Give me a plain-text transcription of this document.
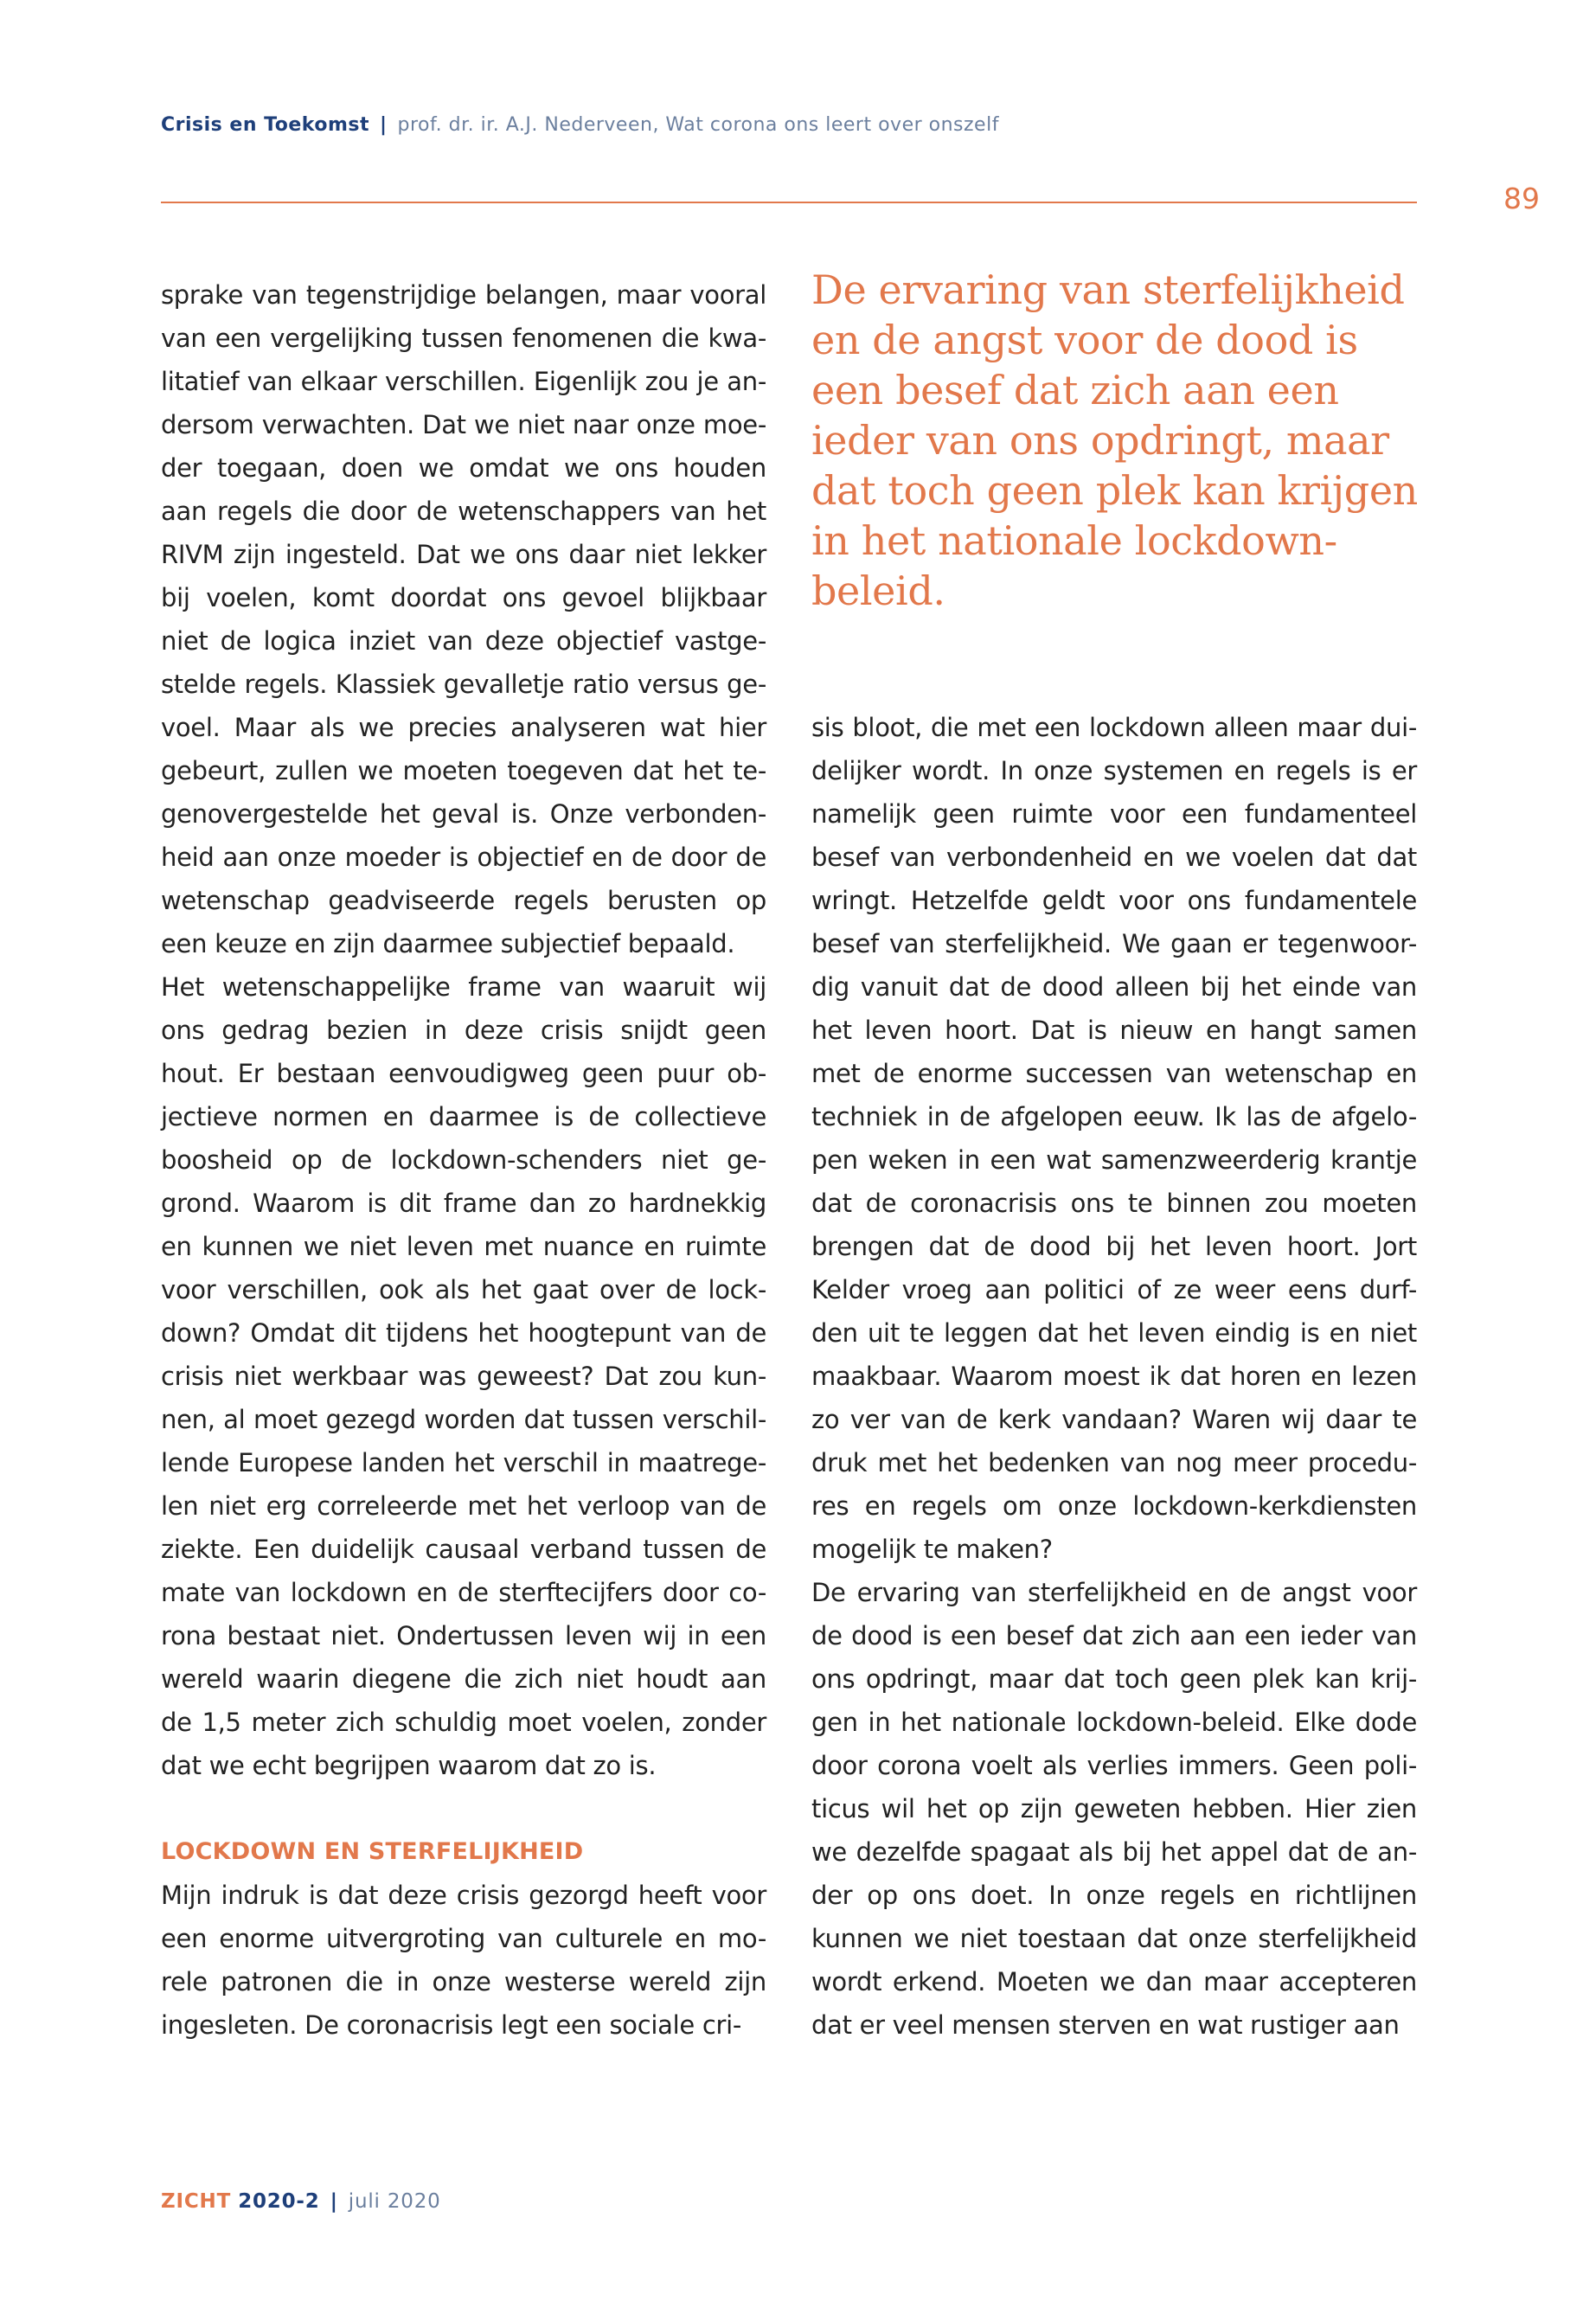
Crisis en Toekomst | prof. dr. ir. A.J. Nederveen, Wat corona ons leert over onszelf
89
sprake van tegenstrijdige belangen, maar vooral
van een vergelijking tussen fenomenen die kwa-
litatief van elkaar verschillen. Eigenlijk zou je an-
dersom verwachten. Dat we niet naar onze moe-
der toegaan, doen we omdat we ons houden
aan regels die door de wetenschappers van het
RIVM zijn ingesteld. Dat we ons daar niet lekker
bij voelen, komt doordat ons gevoel blijkbaar
niet de logica inziet van deze objectief vastge-
stelde regels. Klassiek gevalletje ratio versus ge-
voel. Maar als we precies analyseren wat hier
gebeurt, zullen we moeten toegeven dat het te-
genovergestelde het geval is. Onze verbonden-
heid aan onze moeder is objectief en de door de
wetenschap geadviseerde regels berusten op
een keuze en zijn daarmee subjectief bepaald.
Het wetenschappelijke frame van waaruit wij
ons gedrag bezien in deze crisis snijdt geen
hout. Er bestaan eenvoudigweg geen puur ob-
jectieve normen en daarmee is de collectieve
boosheid op de lockdown-schenders niet ge-
grond. Waarom is dit frame dan zo hardnekkig
en kunnen we niet leven met nuance en ruimte
voor verschillen, ook als het gaat over de lock-
down? Omdat dit tijdens het hoogtepunt van de
crisis niet werkbaar was geweest? Dat zou kun-
nen, al moet gezegd worden dat tussen verschil-
lende Europese landen het verschil in maatrege-
len niet erg correleerde met het verloop van de
ziekte. Een duidelijk causaal verband tussen de
mate van lockdown en de sterftecijfers door co-
rona bestaat niet. Ondertussen leven wij in een
wereld waarin diegene die zich niet houdt aan
de 1,5 meter zich schuldig moet voelen, zonder
dat we echt begrijpen waarom dat zo is.
LOCKDOWN EN STERFELIJKHEID
Mijn indruk is dat deze crisis gezorgd heeft voor
een enorme uitvergroting van culturele en mo-
rele patronen die in onze westerse wereld zijn
ingesleten. De coronacrisis legt een sociale cri-
De ervaring van sterfelijkheid
en de angst voor de dood is
een besef dat zich aan een
ieder van ons opdringt, maar
dat toch geen plek kan krijgen
in het nationale lockdown-
beleid.
sis bloot, die met een lockdown alleen maar dui-
delijker wordt. In onze systemen en regels is er
namelijk geen ruimte voor een fundamenteel
besef van verbondenheid en we voelen dat dat
wringt. Hetzelfde geldt voor ons fundamentele
besef van sterfelijkheid. We gaan er tegenwoor-
dig vanuit dat de dood alleen bij het einde van
het leven hoort. Dat is nieuw en hangt samen
met de enorme successen van wetenschap en
techniek in de afgelopen eeuw. Ik las de afgelo-
pen weken in een wat samenzweerderig krantje
dat de coronacrisis ons te binnen zou moeten
brengen dat de dood bij het leven hoort. Jort
Kelder vroeg aan politici of ze weer eens durf-
den uit te leggen dat het leven eindig is en niet
maakbaar. Waarom moest ik dat horen en lezen
zo ver van de kerk vandaan? Waren wij daar te
druk met het bedenken van nog meer procedu-
res en regels om onze lockdown-kerkdiensten
mogelijk te maken?
De ervaring van sterfelijkheid en de angst voor
de dood is een besef dat zich aan een ieder van
ons opdringt, maar dat toch geen plek kan krij-
gen in het nationale lockdown-beleid. Elke dode
door corona voelt als verlies immers. Geen poli-
ticus wil het op zijn geweten hebben. Hier zien
we dezelfde spagaat als bij het appel dat de an-
der op ons doet. In onze regels en richtlijnen
kunnen we niet toestaan dat onze sterfelijkheid
wordt erkend. Moeten we dan maar accepteren
dat er veel mensen sterven en wat rustiger aan
ZICHT 2020-2 | juli 2020
